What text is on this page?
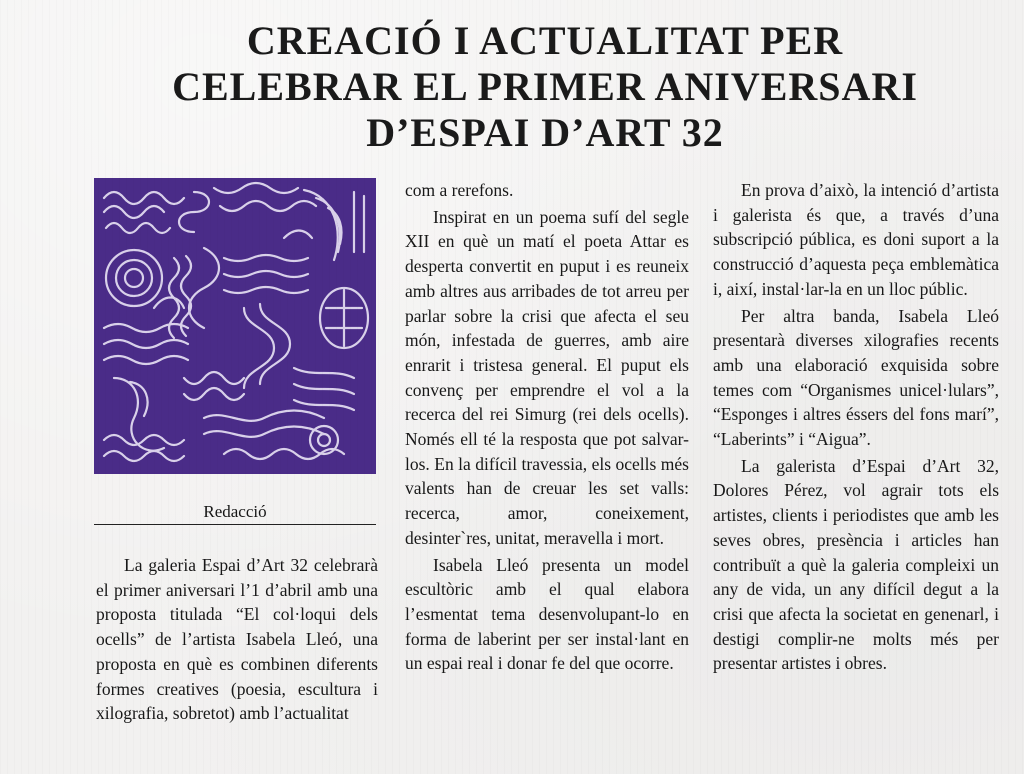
CREACIÓ I ACTUALITAT PER
CELEBRAR EL PRIMER ANIVERSARI
D’ESPAI D’ART 32
Redacció

La galeria Espai d’Art 32 celebrarà el primer aniversari l’1 d’abril amb una proposta titulada “El col·loqui dels ocells” de l’artista Isabela Lleó, una proposta en què es combinen diferents formes creatives (poesia, escultura i xilografia, sobretot) amb l’actualitat

com a rerefons.

Inspirat en un poema sufí del segle XII en què un matí el poeta Attar es desperta convertit en puput i es reuneix amb altres aus arribades de tot arreu per parlar sobre la crisi que afecta el seu món, infestada de guerres, amb aire enrarit i tristesa general. El puput els convenç per emprendre el vol a la recerca del rei Simurg (rei dels ocells). Només ell té la resposta que pot salvar-los. En la difícil travessia, els ocells més valents han de creuar les set valls: recerca, amor, coneixement, desinter`res, unitat, meravella i mort.

Isabela Lleó presenta un model escultòric amb el qual elabora l’esmentat tema desenvolupant-lo en forma de laberint per ser instal·lant en un espai real i donar fe del que ocorre.

En prova d’això, la intenció d’artista i galerista és que, a través d’una subscripció pública, es doni suport a la construcció d’aquesta peça emblemàtica i, així, instal·lar-la en un lloc públic.

Per altra banda, Isabela Lleó presentarà diverses xilografies recents amb una elaboració exquisida sobre temes com “Organismes unicel·lulars”, “Esponges i altres éssers del fons marí”, “Laberints” i “Aigua”.

La galerista d’Espai d’Art 32, Dolores Pérez, vol agrair tots els artistes, clients i periodistes que amb les seves obres, presència i articles han contribuït a què la galeria compleixi un any de vida, un any difícil degut a la crisi que afecta la societat en genenarl, i destigi complir-ne molts més per presentar artistes i obres.
